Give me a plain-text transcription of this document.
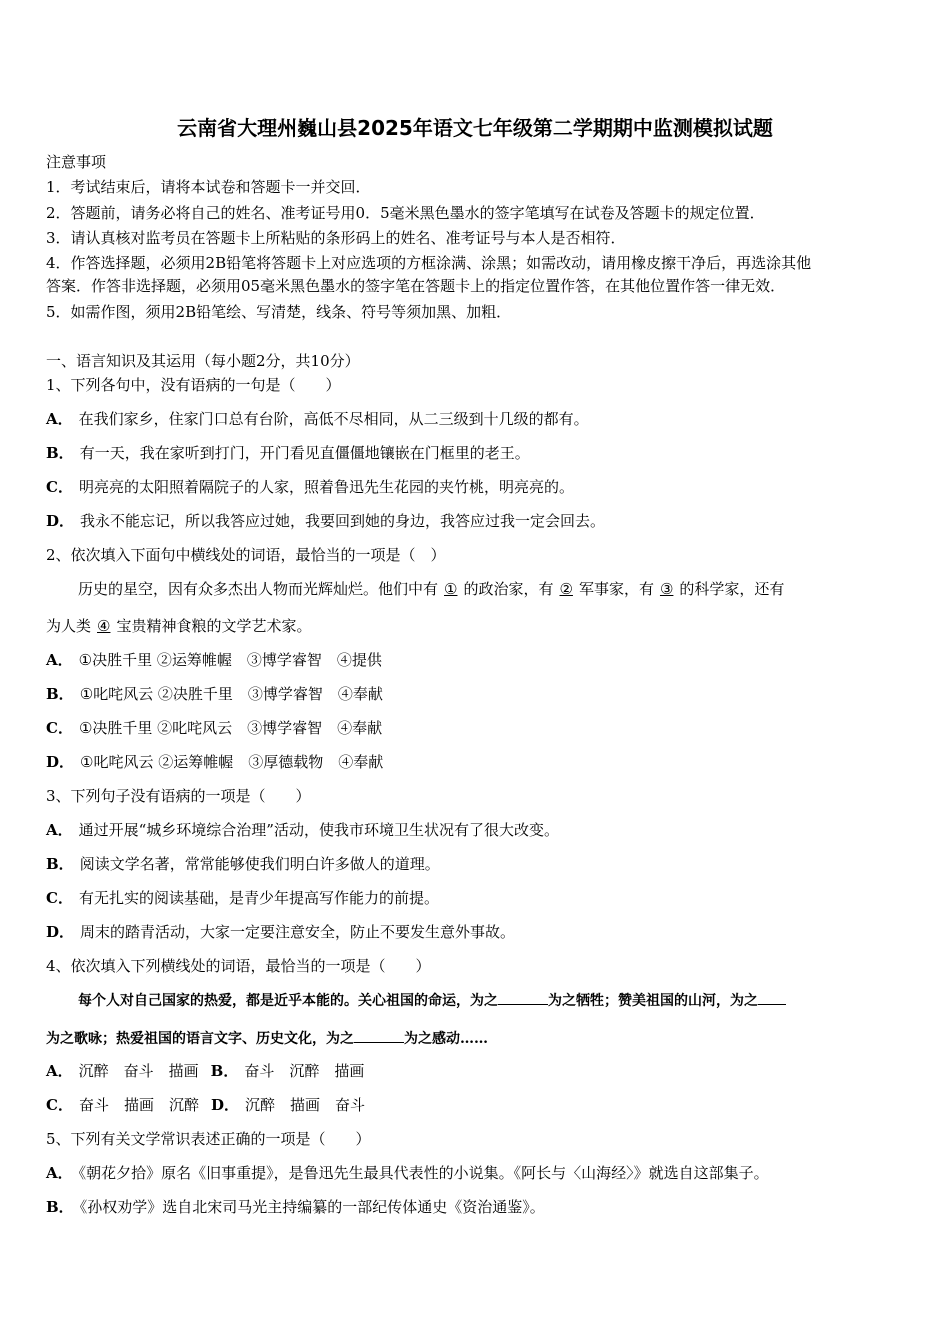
云南省大理州巍山县2025年语文七年级第二学期期中监测模拟试题
注意事项
1．考试结束后，请将本试卷和答题卡一并交回．
2．答题前，请务必将自己的姓名、准考证号用0．5毫米黑色墨水的签字笔填写在试卷及答题卡的规定位置．
3．请认真核对监考员在答题卡上所粘贴的条形码上的姓名、准考证号与本人是否相符．
4．作答选择题，必须用2B铅笔将答题卡上对应选项的方框涂满、涂黑；如需改动，请用橡皮擦干净后，再选涂其他
答案．作答非选择题，必须用05毫米黑色墨水的签字笔在答题卡上的指定位置作答，在其他位置作答一律无效．
5．如需作图，须用2B铅笔绘、写清楚，线条、符号等须加黑、加粗．
一、语言知识及其运用（每小题2分，共10分）
1、下列各句中，没有语病的一句是（　　）
A． 在我们家乡，住家门口总有台阶，高低不尽相同，从二三级到十几级的都有。
B． 有一天，我在家听到打门，开门看见直僵僵地镶嵌在门框里的老王。
C． 明亮亮的太阳照着隔院子的人家，照着鲁迅先生花园的夹竹桃，明亮亮的。
D． 我永不能忘记，所以我答应过她，我要回到她的身边，我答应过我一定会回去。
2、依次填入下面句中横线处的词语，最恰当的一项是（　）
历史的星空，因有众多杰出人物而光辉灿烂。他们中有 ① 的政治家，有 ② 军事家，有 ③ 的科学家，还有
为人类 ④ 宝贵精神食粮的文学艺术家。
A． ①决胜千里 ②运筹帷幄　③博学睿智　④提供
B． ①叱咤风云 ②决胜千里　③博学睿智　④奉献
C． ①决胜千里 ②叱咤风云　③博学睿智　④奉献
D． ①叱咤风云 ②运筹帷幄　③厚德载物　④奉献
3、下列句子没有语病的一项是（　　）
A． 通过开展“城乡环境综合治理”活动，使我市环境卫生状况有了很大改变。
B． 阅读文学名著，常常能够使我们明白许多做人的道理。
C． 有无扎实的阅读基础，是青少年提高写作能力的前提。
D． 周末的踏青活动，大家一定要注意安全，防止不要发生意外事故。
4、依次填入下列横线处的词语，最恰当的一项是（　　）
每个人对自己国家的热爱，都是近乎本能的。关心祖国的命运，为之	为之牺牲；赞美祖国的山河，为之
为之歌咏；热爱祖国的语言文字、历史文化，为之	为之感动……
A． 沉醉　奋斗　描画 B． 奋斗　沉醉　描画
C． 奋斗　描画　沉醉 D． 沉醉　描画　奋斗
5、下列有关文学常识表述正确的一项是（　　）
A． 《朝花夕拾》原名《旧事重提》，是鲁迅先生最具代表性的小说集。《阿长与〈山海经〉》就选自这部集子。
B． 《孙权劝学》选自北宋司马光主持编纂的一部纪传体通史《资治通鉴》。
